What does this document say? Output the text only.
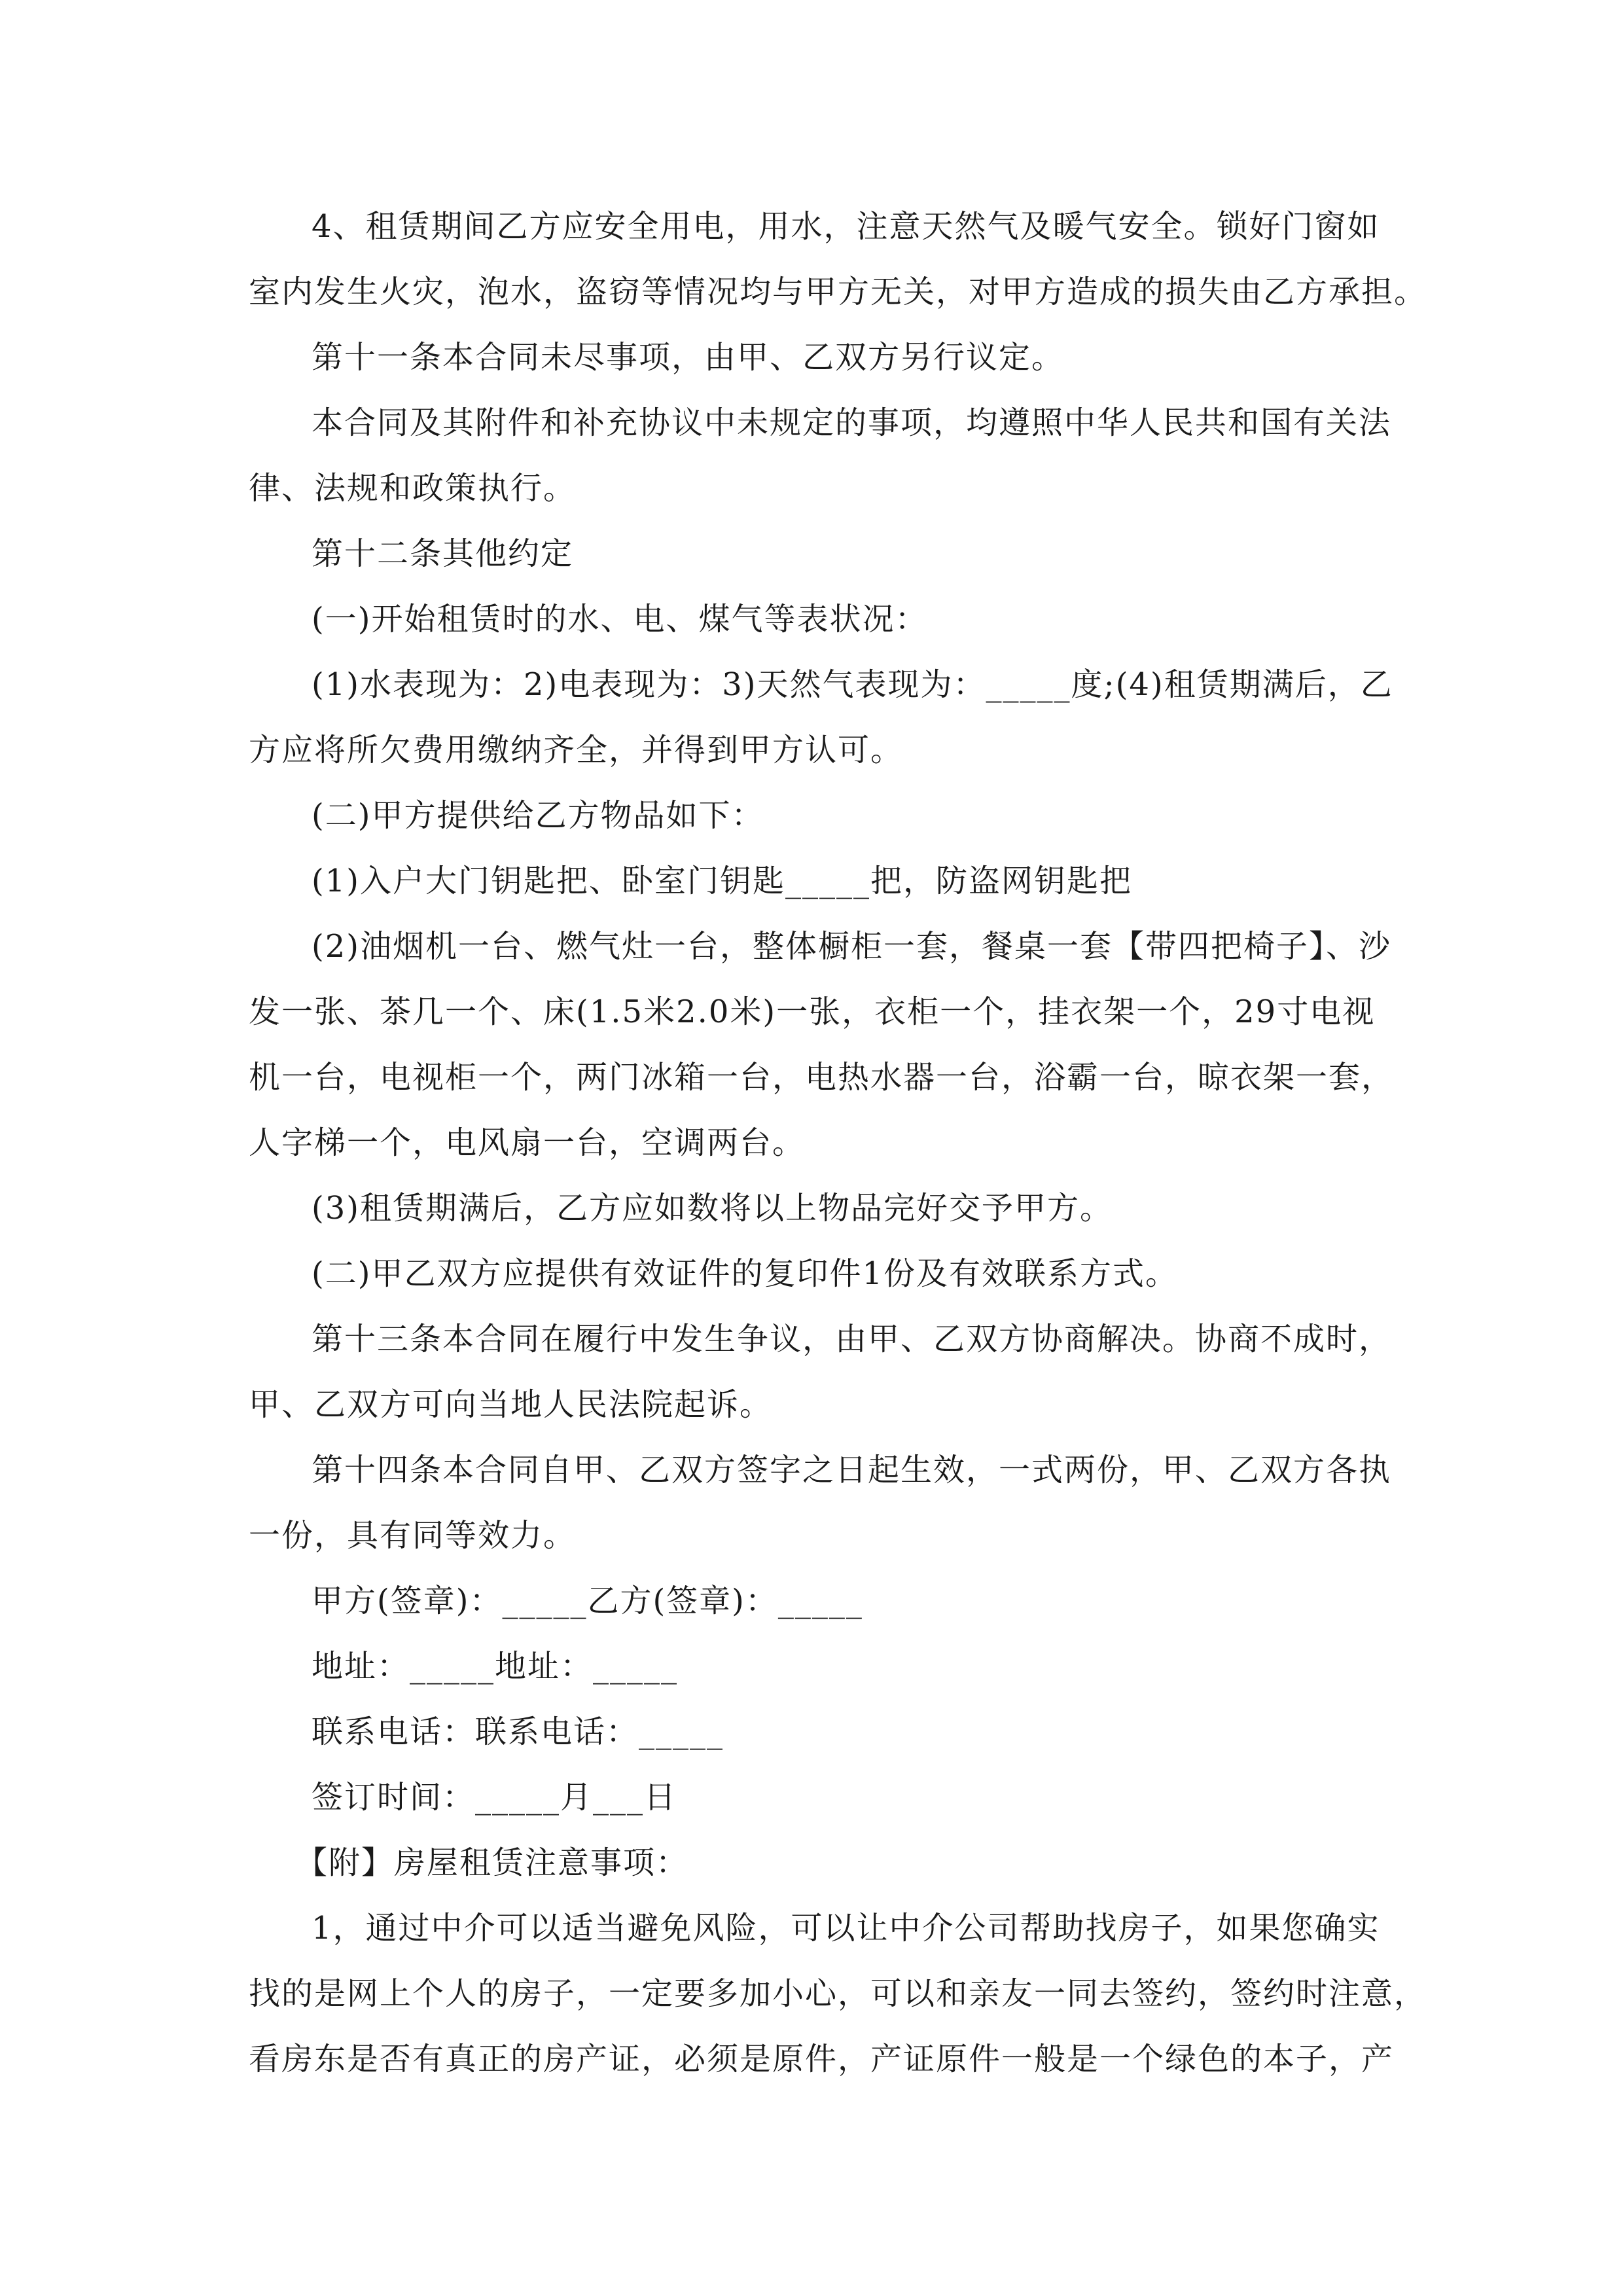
4、租赁期间乙方应安全用电，用水，注意天然气及暖气安全。锁好门窗如
室内发生火灾，泡水，盗窃等情况均与甲方无关，对甲方造成的损失由乙方承担。
第十一条本合同未尽事项，由甲、乙双方另行议定。
本合同及其附件和补充协议中未规定的事项，均遵照中华人民共和国有关法
律、法规和政策执行。
第十二条其他约定
(一)开始租赁时的水、电、煤气等表状况：
(1)水表现为：2)电表现为：3)天然气表现为：_____度;(4)租赁期满后，乙
方应将所欠费用缴纳齐全，并得到甲方认可。
(二)甲方提供给乙方物品如下：
(1)入户大门钥匙把、卧室门钥匙_____把，防盗网钥匙把
(2)油烟机一台、燃气灶一台，整体橱柜一套，餐桌一套【带四把椅子】、沙
发一张、茶几一个、床(1.5米2.0米)一张，衣柜一个，挂衣架一个，29寸电视
机一台，电视柜一个，两门冰箱一台，电热水器一台，浴霸一台，晾衣架一套，
人字梯一个，电风扇一台，空调两台。
(3)租赁期满后，乙方应如数将以上物品完好交予甲方。
(二)甲乙双方应提供有效证件的复印件1份及有效联系方式。
第十三条本合同在履行中发生争议，由甲、乙双方协商解决。协商不成时，
甲、乙双方可向当地人民法院起诉。
第十四条本合同自甲、乙双方签字之日起生效，一式两份，甲、乙双方各执
一份，具有同等效力。
甲方(签章)：_____乙方(签章)：_____
地址：_____地址：_____
联系电话：联系电话：_____
签订时间：_____月___日
【附】房屋租赁注意事项：
1，通过中介可以适当避免风险，可以让中介公司帮助找房子，如果您确实
找的是网上个人的房子，一定要多加小心，可以和亲友一同去签约，签约时注意，
看房东是否有真正的房产证，必须是原件，产证原件一般是一个绿色的本子，产
